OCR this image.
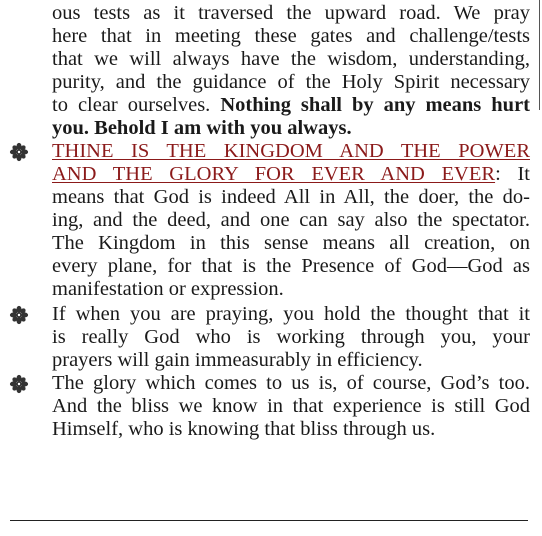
ous tests as it traversed the upward road. We pray
here that in meeting these gates and challenge/tests
that we will always have the wisdom, understanding,
purity, and the guidance of the Holy Spirit necessary
to clear ourselves. Nothing shall by any means hurt
you. Behold I am with you always.
THINE IS THE KINGDOM AND THE POWER
AND THE GLORY FOR EVER AND EVER: It
means that God is indeed All in All, the doer, the do-
ing, and the deed, and one can say also the spectator.
The Kingdom in this sense means all creation, on
every plane, for that is the Presence of God—God as
manifestation or expression.
If when you are praying, you hold the thought that it
is really God who is working through you, your
prayers will gain immeasurably in efficiency.
The glory which comes to us is, of course, God’s too.
And the bliss we know in that experience is still God
Himself, who is knowing that bliss through us.
